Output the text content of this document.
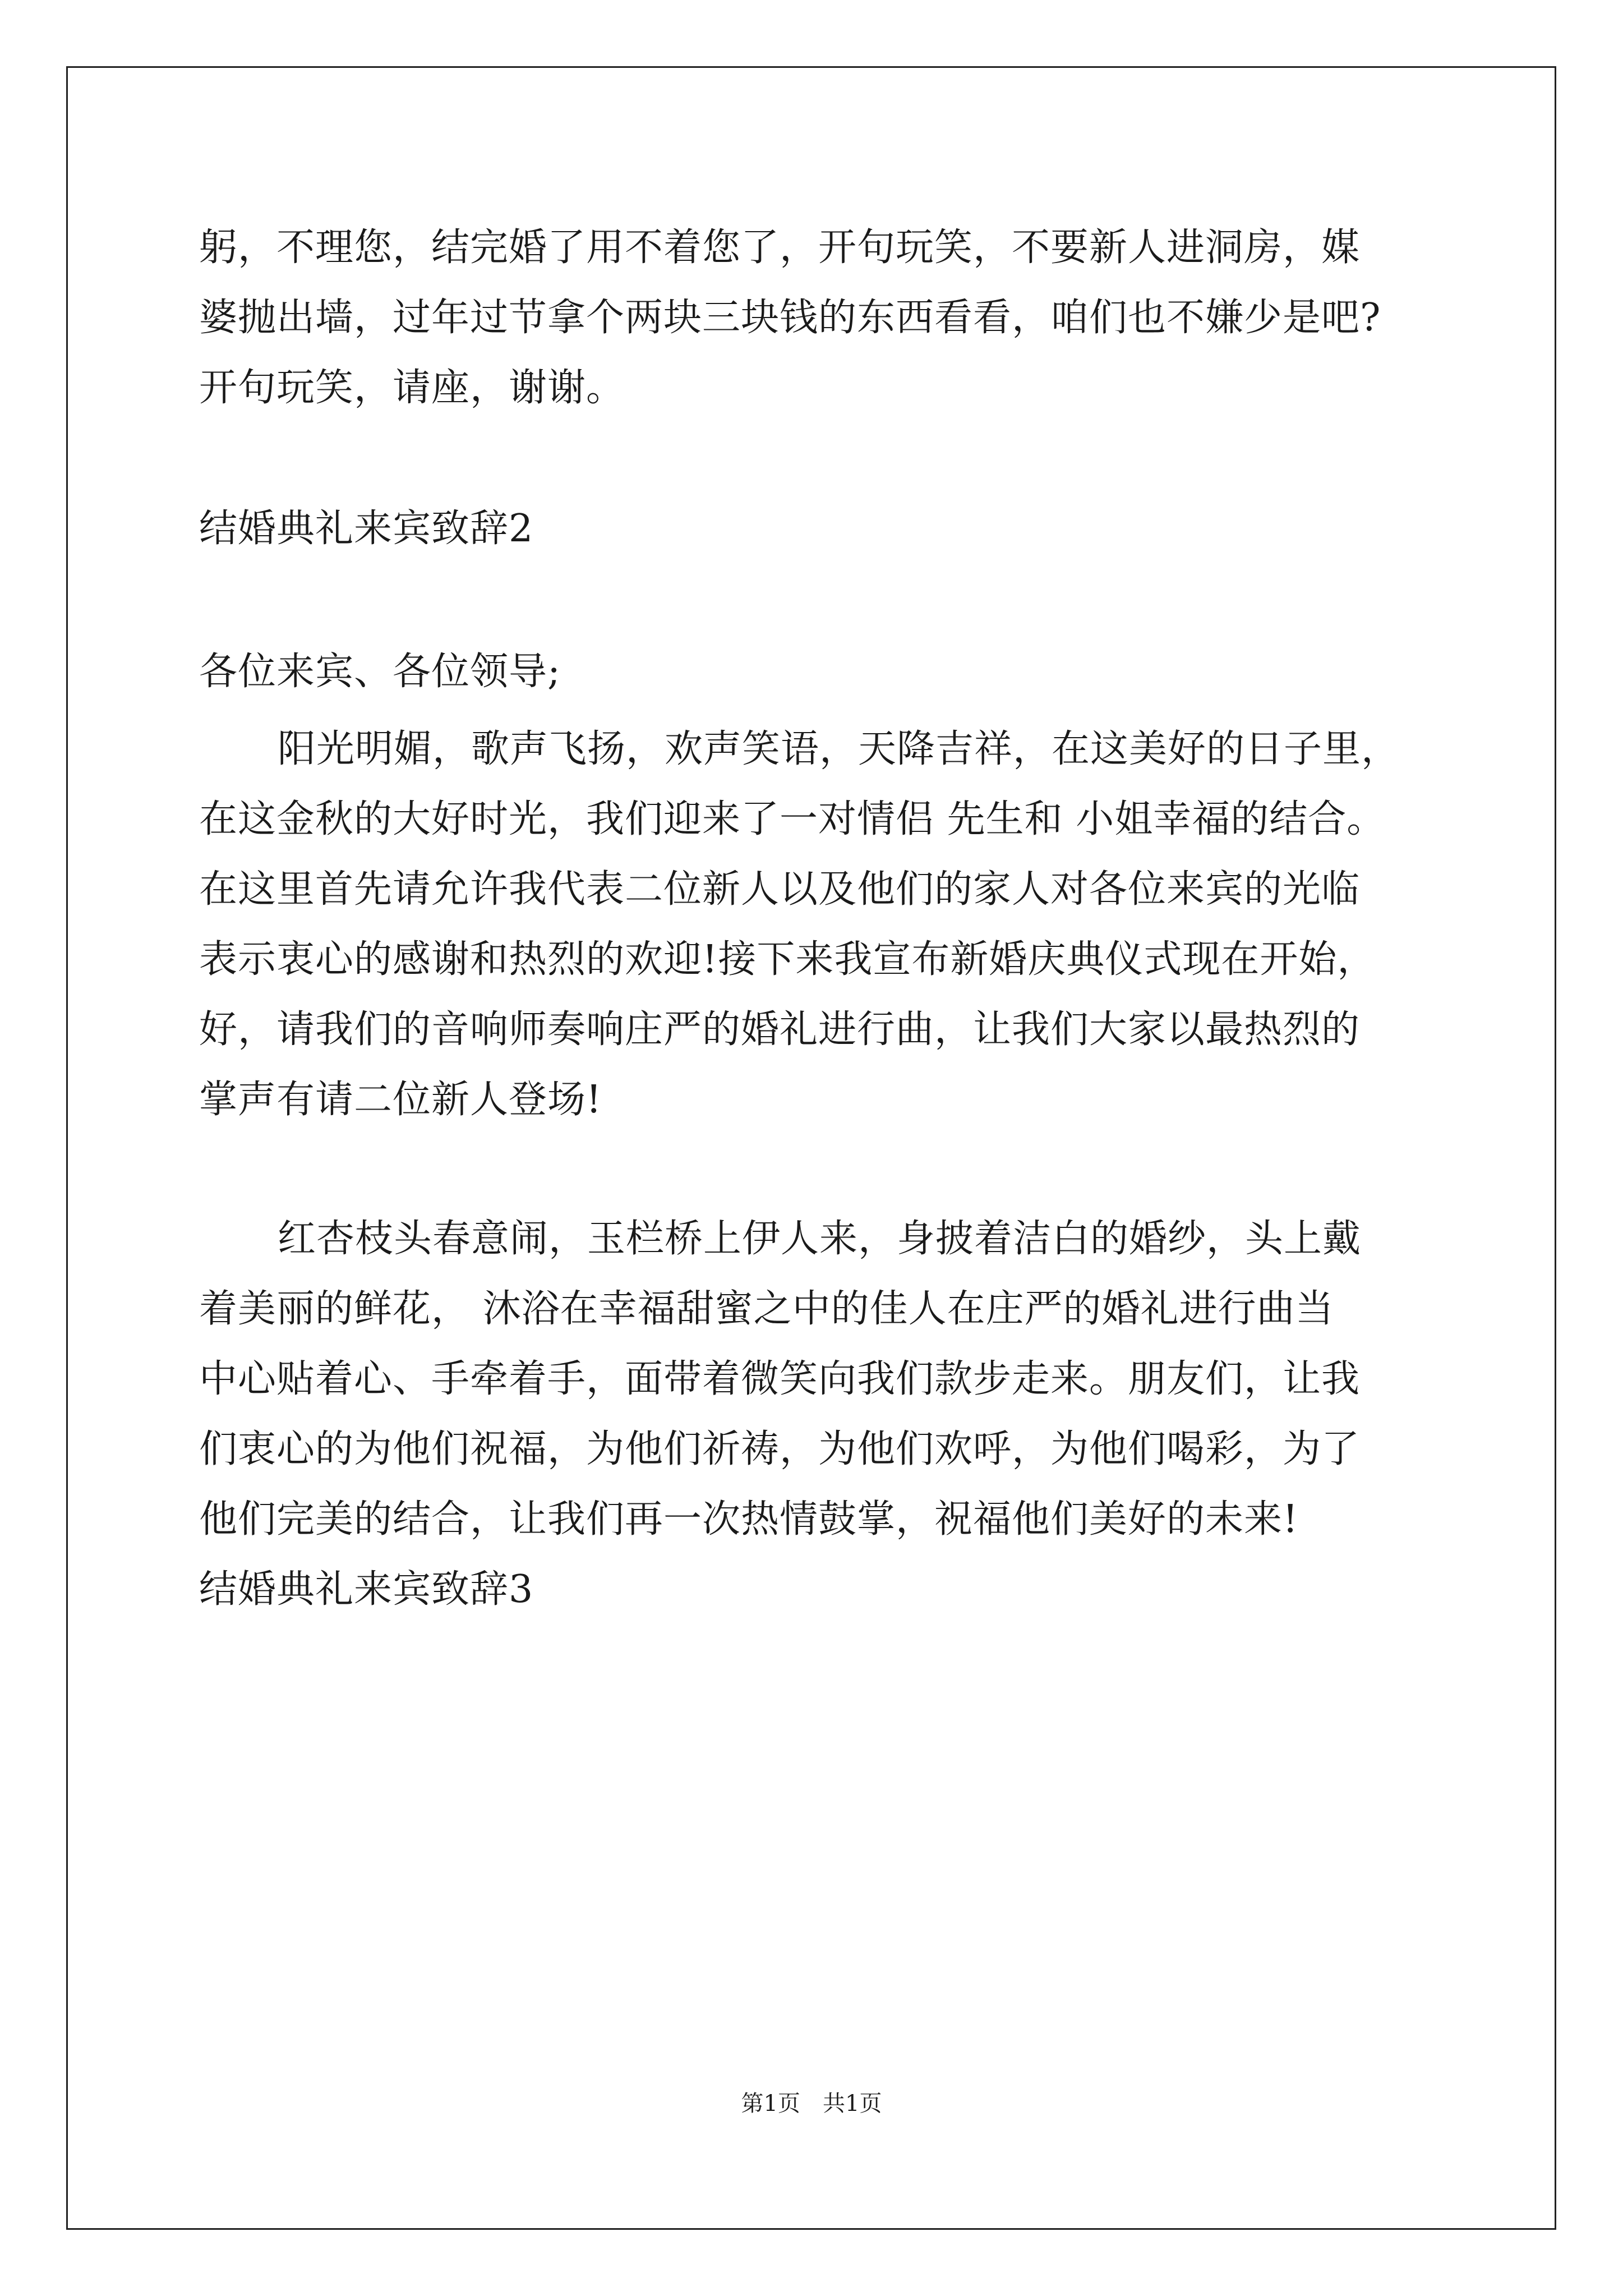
躬，不理您，结完婚了用不着您了，开句玩笑，不要新人进洞房，媒
婆抛出墙，过年过节拿个两块三块钱的东西看看，咱们也不嫌少是吧?
开句玩笑，请座，谢谢。
结婚典礼来宾致辞2
各位来宾、各位领导;
阳光明媚，歌声飞扬，欢声笑语，天降吉祥，在这美好的日子里，
在这金秋的大好时光，我们迎来了一对情侣 先生和 小姐幸福的结合。
在这里首先请允许我代表二位新人以及他们的家人对各位来宾的光临
表示衷心的感谢和热烈的欢迎!接下来我宣布新婚庆典仪式现在开始，
好，请我们的音响师奏响庄严的婚礼进行曲，让我们大家以最热烈的
掌声有请二位新人登场!
红杏枝头春意闹，玉栏桥上伊人来，身披着洁白的婚纱，头上戴
着美丽的鲜花， 沐浴在幸福甜蜜之中的佳人在庄严的婚礼进行曲当
中心贴着心、手牵着手，面带着微笑向我们款步走来。朋友们，让我
们衷心的为他们祝福，为他们祈祷，为他们欢呼，为他们喝彩，为了
他们完美的结合，让我们再一次热情鼓掌，祝福他们美好的未来!
结婚典礼来宾致辞3
第1页　共1页
